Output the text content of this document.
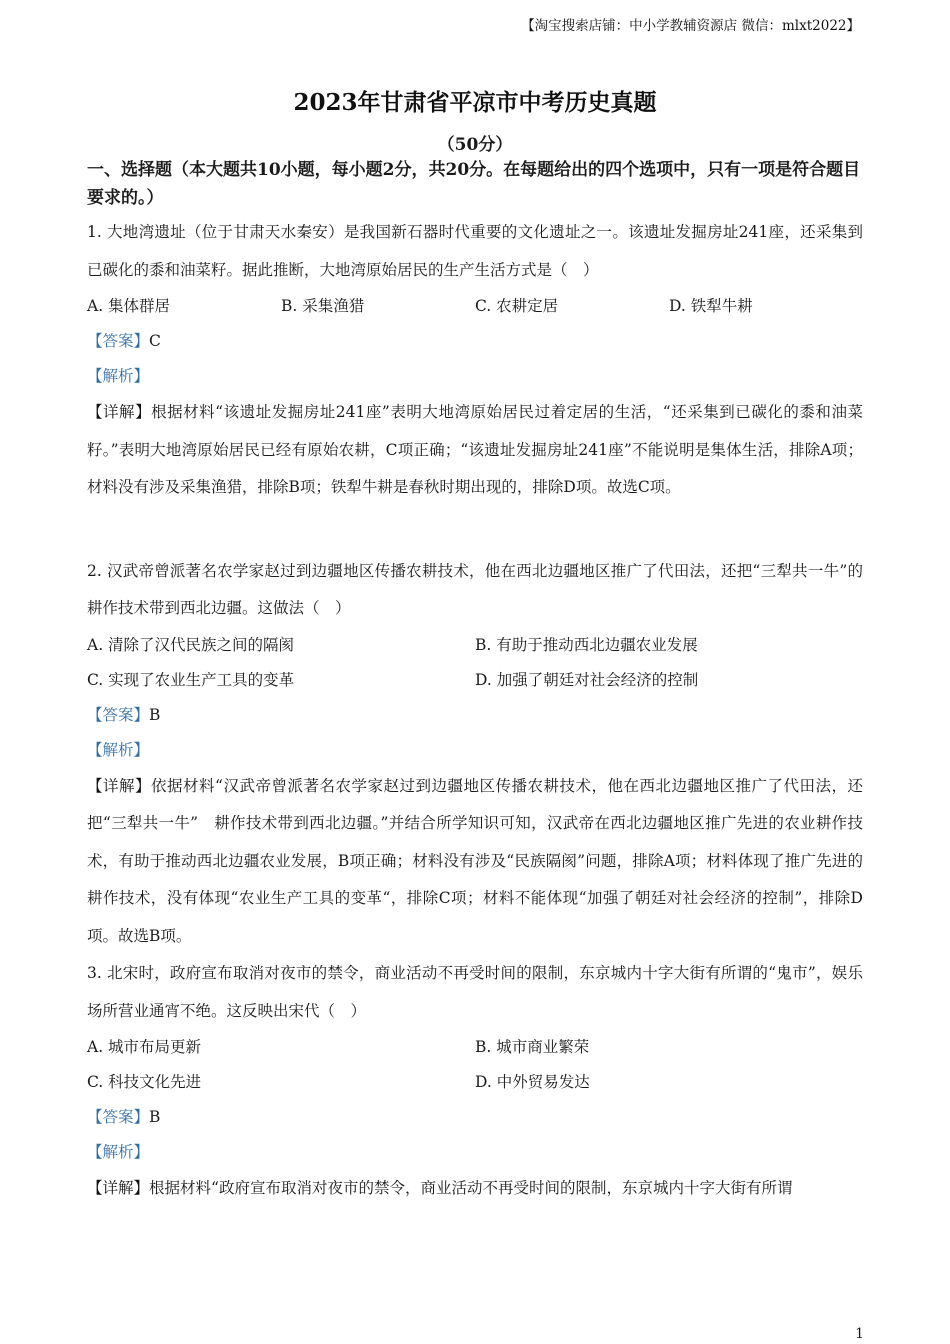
【淘宝搜索店铺：中小学教辅资源店 微信：mlxt2022】
2023年甘肃省平凉市中考历史真题
（50分）
一、选择题（本大题共10小题，每小题2分，共20分。在每题给出的四个选项中，只有一项是符合题目要求的。）

1. 大地湾遗址（位于甘肃天水秦安）是我国新石器时代重要的文化遗址之一。该遗址发掘房址241座，还采集到已碳化的黍和油菜籽。据此推断，大地湾原始居民的生产生活方式是（　）

A. 集体群居	B. 采集渔猎	C. 农耕定居	D. 铁犁牛耕
【答案】C
【解析】

【详解】根据材料“该遗址发掘房址241座”表明大地湾原始居民过着定居的生活，“还采集到已碳化的黍和油菜籽。”表明大地湾原始居民已经有原始农耕，C项正确；“该遗址发掘房址241座”不能说明是集体生活，排除A项；材料没有涉及采集渔猎，排除B项；铁犁牛耕是春秋时期出现的，排除D项。故选C项。

2. 汉武帝曾派著名农学家赵过到边疆地区传播农耕技术，他在西北边疆地区推广了代田法，还把“三犁共一牛”的耕作技术带到西北边疆。这做法（　）

A. 清除了汉代民族之间的隔阂	B. 有助于推动西北边疆农业发展
C. 实现了农业生产工具的变革	D. 加强了朝廷对社会经济的控制
【答案】B
【解析】

【详解】依据材料“汉武帝曾派著名农学家赵过到边疆地区传播农耕技术，他在西北边疆地区推广了代田法，还把“三犁共一牛”　耕作技术带到西北边疆。”并结合所学知识可知，汉武帝在西北边疆地区推广先进的农业耕作技术，有助于推动西北边疆农业发展，B项正确；材料没有涉及“民族隔阂”问题，排除A项；材料体现了推广先进的耕作技术，没有体现“农业生产工具的变革“，排除C项；材料不能体现“加强了朝廷对社会经济的控制”，排除D项。故选B项。

3. 北宋时，政府宣布取消对夜市的禁令，商业活动不再受时间的限制，东京城内十字大街有所谓的“鬼市”，娱乐场所营业通宵不绝。这反映出宋代（　）

A. 城市布局更新	B. 城市商业繁荣
C. 科技文化先进	D. 中外贸易发达
【答案】B
【解析】

【详解】根据材料“政府宣布取消对夜市的禁令，商业活动不再受时间的限制，东京城内十字大街有所谓

1
